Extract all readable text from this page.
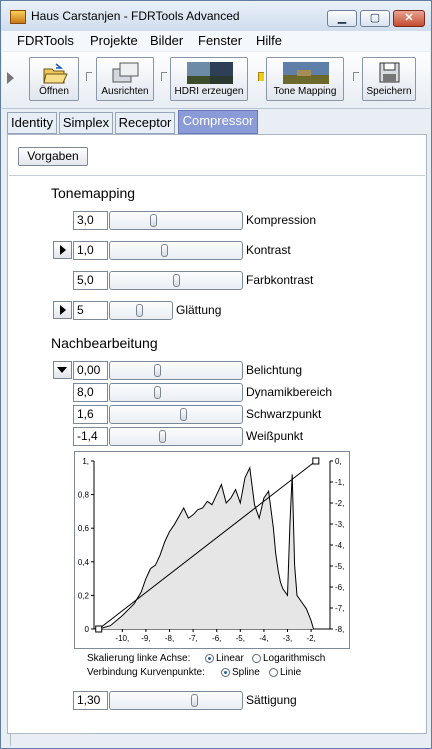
Haus Carstanjen - FDRTools Advanced	▁	▢	✕
FDRTools Projekte Bilder Fenster Hilfe
Öffnen	Ausrichten	HDRI erzeugen	Tone Mapping	Speichern
Identity Simplex Receptor Compressor
Vorgaben
Tonemapping
3,0	Kompression
1,0	Kontrast
5,0	Farbkontrast
5	Glättung
Nachbearbeitung
0,00	Belichtung
8,0	Dynamikbereich
1,6	Schwarzpunkt
-1,4	Weißpunkt
0
0,2
0,4
0,6
0,8
1,	0,
-1,
-2,
-3,
-4,
-5,
-6,
-7,
-8,
-10, -9, -8, -7, -6, -5, -4, -3, -2,
Skalierung linke Achse:	Linear Logarithmisch
Verbindung Kurvenpunkte:	Spline Linie
1,30	Sättigung
